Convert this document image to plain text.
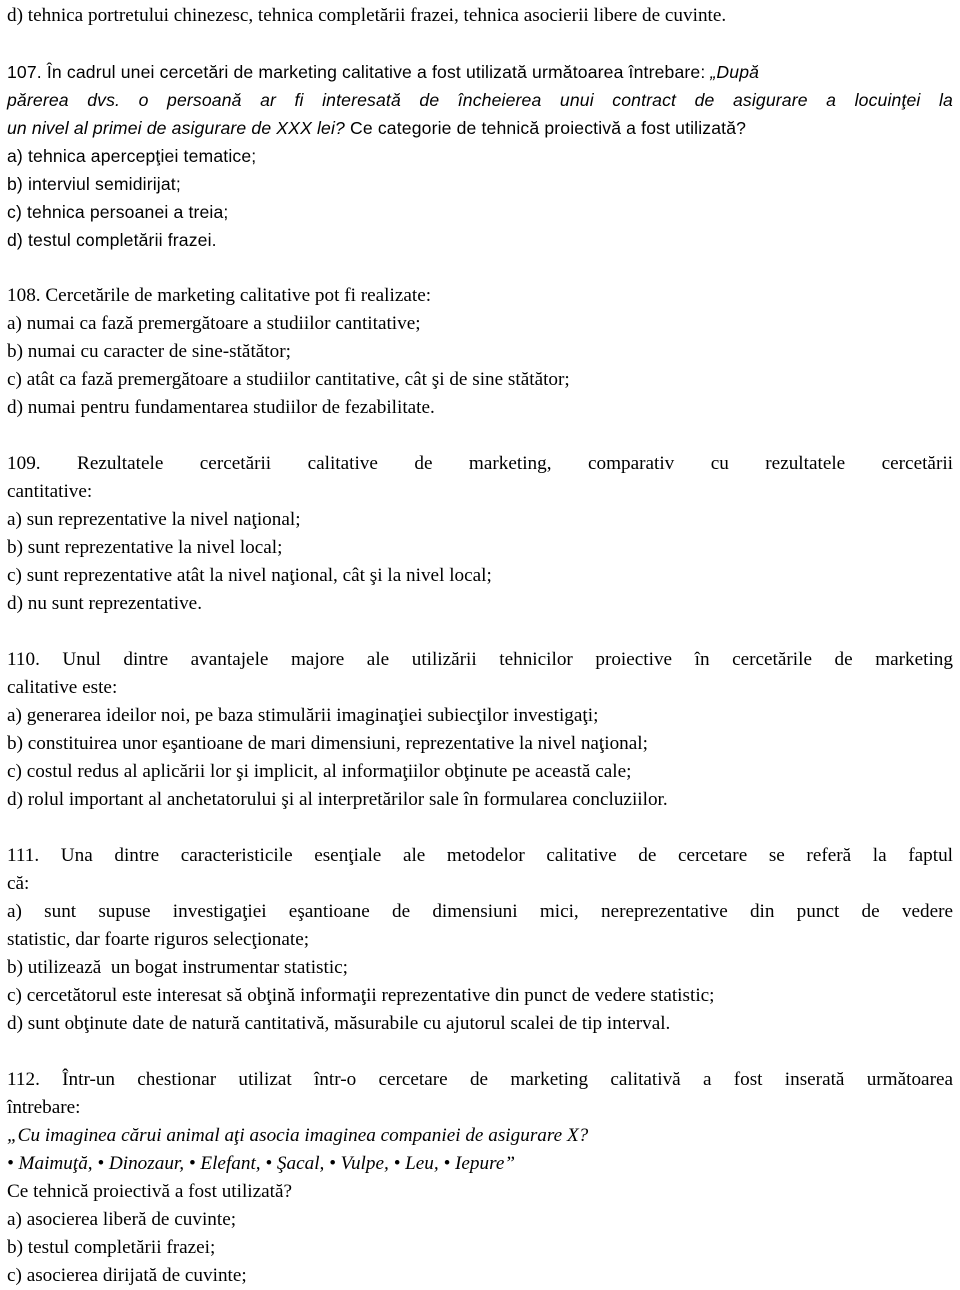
d) tehnica portretului chinezesc, tehnica completării frazei, tehnica asocierii libere de cuvinte.
107. În cadrul unei cercetări de marketing calitative a fost utilizată următoarea întrebare: „După
părerea dvs. o persoană ar fi interesată de încheierea unui contract de asigurare a locuinţei la
un nivel al primei de asigurare de XXX lei? Ce categorie de tehnică proiectivă a fost utilizată?
a) tehnica apercepţiei tematice;
b) interviul semidirijat;
c) tehnica persoanei a treia;
d) testul completării frazei.
108. Cercetările de marketing calitative pot fi realizate:
a) numai ca fază premergătoare a studiilor cantitative;
b) numai cu caracter de sine-stătător;
c) atât ca fază premergătoare a studiilor cantitative, cât şi de sine stătător;
d) numai pentru fundamentarea studiilor de fezabilitate.
109. Rezultatele cercetării calitative de marketing, comparativ cu rezultatele cercetării
cantitative:
a) sun reprezentative la nivel naţional;
b) sunt reprezentative la nivel local;
c) sunt reprezentative atât la nivel naţional, cât şi la nivel local;
d) nu sunt reprezentative.
110. Unul dintre avantajele majore ale utilizării tehnicilor proiective în cercetările de marketing
calitative este:
a) generarea ideilor noi, pe baza stimulării imaginaţiei subiecţilor investigaţi;
b) constituirea unor eşantioane de mari dimensiuni, reprezentative la nivel naţional;
c) costul redus al aplicării lor şi implicit, al informaţiilor obţinute pe această cale;
d) rolul important al anchetatorului şi al interpretărilor sale în formularea concluziilor.
111. Una dintre caracteristicile esenţiale ale metodelor calitative de cercetare se referă la faptul
că:
a) sunt supuse investigaţiei eşantioane de dimensiuni mici, nereprezentative din punct de vedere
statistic, dar foarte riguros selecţionate;
b) utilizează  un bogat instrumentar statistic;
c) cercetătorul este interesat să obţină informaţii reprezentative din punct de vedere statistic;
d) sunt obţinute date de natură cantitativă, măsurabile cu ajutorul scalei de tip interval.
112. Într-un chestionar utilizat într-o cercetare de marketing calitativă a fost inserată următoarea
întrebare:
„Cu imaginea cărui animal aţi asocia imaginea companiei de asigurare X?
• Maimuţă, • Dinozaur, • Elefant, • Şacal, • Vulpe, • Leu, • Iepure”
Ce tehnică proiectivă a fost utilizată?
a) asocierea liberă de cuvinte;
b) testul completării frazei;
c) asocierea dirijată de cuvinte;
